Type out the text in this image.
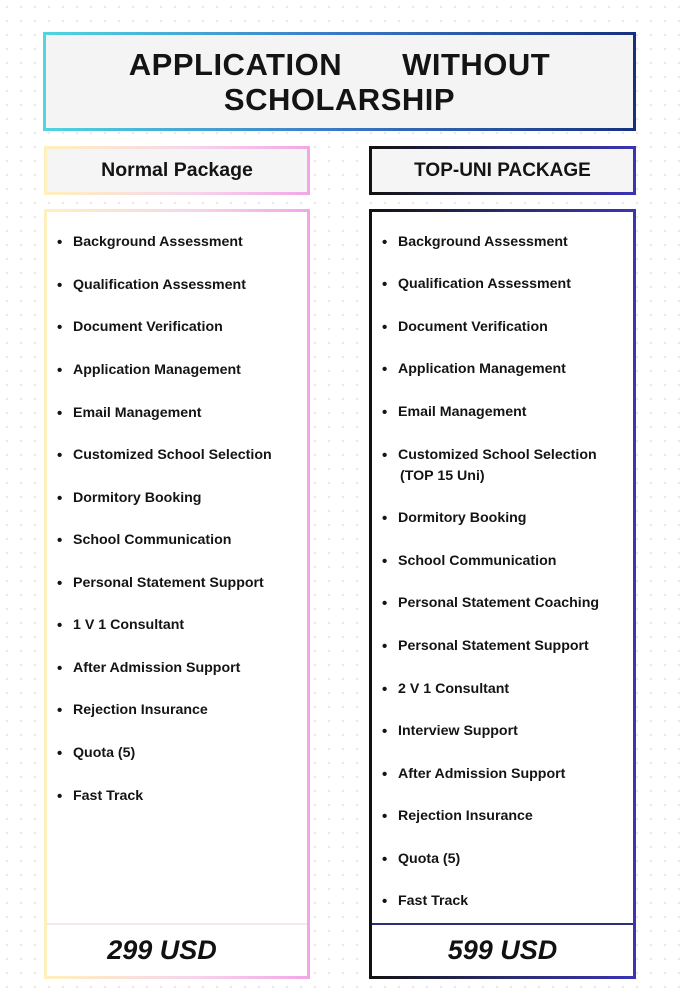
APPLICATION WITHOUT
SCHOLARSHIP
Normal Package	TOP-UNI PACKAGE
• Background Assessment
• Qualification Assessment
• Document Verification
• Application Management
• Email Management
• Customized School Selection
• Dormitory Booking
• School Communication
• Personal Statement Support
• 1 V 1 Consultant
• After Admission Support
• Rejection Insurance
• Quota (5)
• Fast Track
299 USD
• Background Assessment
• Qualification Assessment
• Document Verification
• Application Management
• Email Management
• Customized School Selection
(TOP 15 Uni)
• Dormitory Booking
• School Communication
• Personal Statement Coaching
• Personal Statement Support
• 2 V 1 Consultant
• Interview Support
• After Admission Support
• Rejection Insurance
• Quota (5)
• Fast Track
599 USD
